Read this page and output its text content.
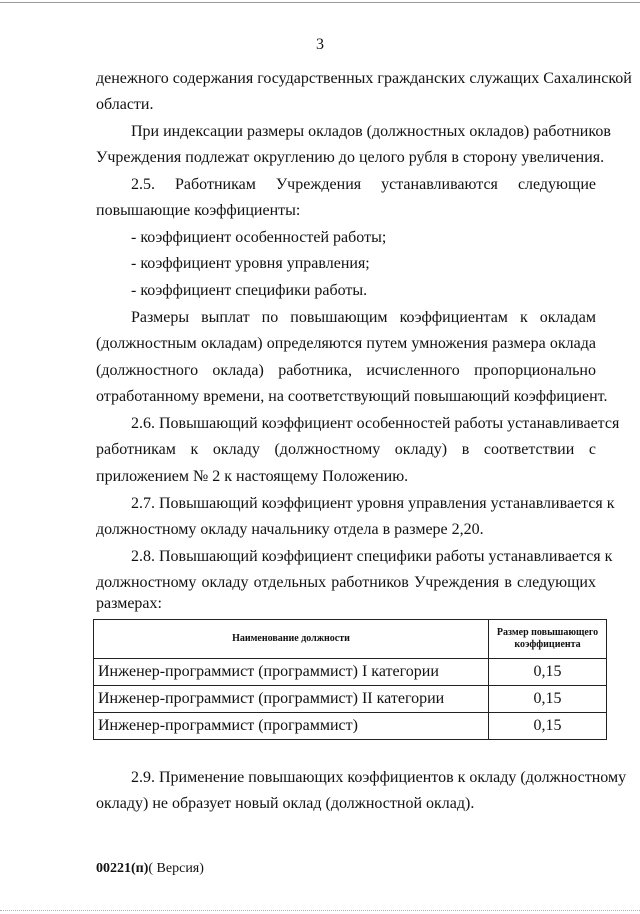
3
денежного содержания государственных гражданских служащих Сахалинской
области.
При индексации размеры окладов (должностных окладов) работников
Учреждения подлежат округлению до целого рубля в сторону увеличения.
2.5. Работникам Учреждения устанавливаются следующие
повышающие коэффициенты:
- коэффициент особенностей работы;
- коэффициент уровня управления;
- коэффициент специфики работы.
Размеры выплат по повышающим коэффициентам к окладам
(должностным окладам) определяются путем умножения размера оклада
(должностного оклада) работника, исчисленного пропорционально
отработанному времени, на соответствующий повышающий коэффициент.
2.6. Повышающий коэффициент особенностей работы устанавливается
работникам к окладу (должностному окладу) в соответствии с
приложением № 2 к настоящему Положению.
2.7. Повышающий коэффициент уровня управления устанавливается к
должностному окладу начальнику отдела в размере 2,20.
2.8. Повышающий коэффициент специфики работы устанавливается к
должностному окладу отдельных работников Учреждения в следующих
размерах:
Наименование должности	Размер повышающего коэффициента
Инженер-программист (программист) I категории	0,15
Инженер-программист (программист) II категории	0,15
Инженер-программист (программист)	0,15
2.9. Применение повышающих коэффициентов к окладу (должностному
окладу) не образует новый оклад (должностной оклад).
00221(п)( Версия)
